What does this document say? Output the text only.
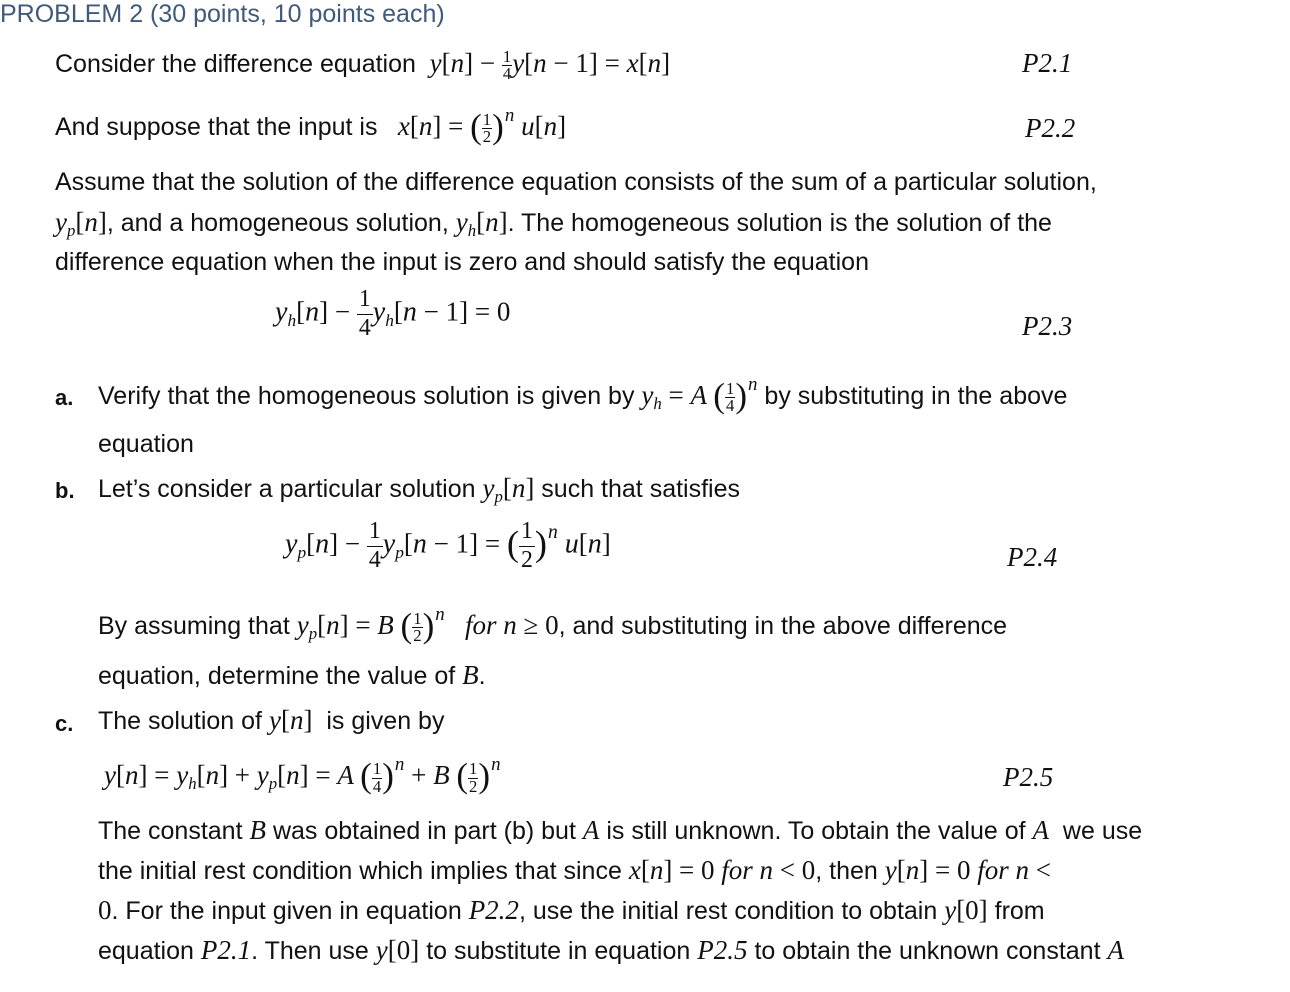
PROBLEM 2 (30 points, 10 points each)
Consider the difference equation  $y[n] - \frac{1}{4} y[n - 1] = x[n]$	P2.1
And suppose that the input is   x[n] = ( $\frac{1}{2} )^n$ u[n]	P2.2
Assume that the solution of the difference equation consists of the sum of a particular solution,
$y_p[n]$, and a homogeneous solution, $y_h[n]$. The homogeneous solution is the solution of the
difference equation when the input is zero and should satisfy the equation
$y_h[n] - \frac{1}{4} y_h[n - 1] = 0$	P2.3
a. Verify that the homogeneous solution is given by $y_h = A$ ( $\frac{1}{4} )^n$ by substituting in the above
equation
b. Let’s consider a particular solution $y_p[n]$ such that satisfies
$y_p[n] - \frac{1}{4} y_p[n - 1]$ = ( $\frac{1}{2} )^n$ u[n]	P2.4
By assuming that $y_p[n] = B$ ( $\frac{1}{2} )^n$   for n ≥ 0, and substituting in the above difference
equation, determine the value of B.
c. The solution of y[n] is given by
$y[n] = y_h[n] + y_p[n] = A$ ( $\frac{1}{4} )^n + B$ ( $\frac{1}{2} )^n$	P2.5
The constant B was obtained in part (b) but A is still unknown. To obtain the value of A we use
the initial rest condition which implies that since x[n] = 0 for n < 0, then y[n] = 0 for n <
0. For the input given in equation P2.2, use the initial rest condition to obtain y[0] from
equation P2.1. Then use y[0] to substitute in equation P2.5 to obtain the unknown constant A
